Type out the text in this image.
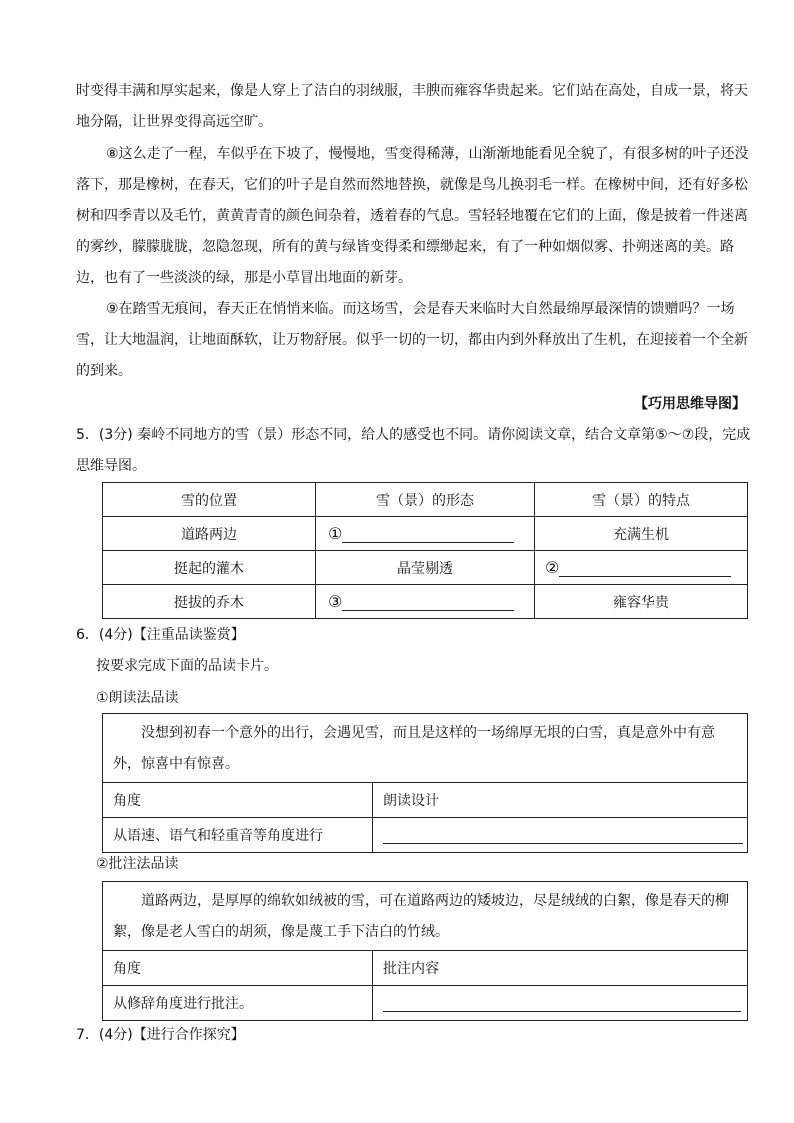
时变得丰满和厚实起来，像是人穿上了洁白的羽绒服，丰腴而雍容华贵起来。它们站在高处，自成一景，将天地分隔，让世界变得高远空旷。
⑧这么走了一程，车似乎在下坡了，慢慢地，雪变得稀薄，山渐渐地能看见全貌了，有很多树的叶子还没落下，那是橡树，在春天，它们的叶子是自然而然地替换，就像是鸟儿换羽毛一样。在橡树中间，还有好多松树和四季青以及毛竹，黄黄青青的颜色间杂着，透着春的气息。雪轻轻地覆在它们的上面，像是披着一件迷离的雾纱，朦朦胧胧，忽隐忽现，所有的黄与绿皆变得柔和缥缈起来，有了一种如烟似雾、扑朔迷离的美。路边，也有了一些淡淡的绿，那是小草冒出地面的新芽。
⑨在踏雪无痕间，春天正在悄悄来临。而这场雪，会是春天来临时大自然最绵厚最深情的馈赠吗？一场雪，让大地温润，让地面酥软，让万物舒展。似乎一切的一切，都由内到外释放出了生机，在迎接着一个全新的到来。
【巧用思维导图】
5．(3分) 秦岭不同地方的雪（景）形态不同，给人的感受也不同。请你阅读文章，结合文章第⑤～⑦段，完成思维导图。
雪的位置	雪（景）的形态	雪（景）的特点
道路两边	①	充满生机
挺起的灌木	晶莹剔透	②
挺拔的乔木	③	雍容华贵
6．(4分)【注重品读鉴赏】
按要求完成下面的品读卡片。
①朗读法品读
没想到初春一个意外的出行，会遇见雪，而且是这样的一场绵厚无垠的白雪，真是意外中有意外，惊喜中有惊喜。
角度	朗读设计
从语速、语气和轻重音等角度进行	
②批注法品读
道路两边，是厚厚的绵软如绒被的雪，可在道路两边的矮坡边，尽是绒绒的白絮，像是春天的柳絮，像是老人雪白的胡须，像是蔑工手下洁白的竹绒。
角度	批注内容
从修辞角度进行批注。	
7．(4分)【进行合作探究】
